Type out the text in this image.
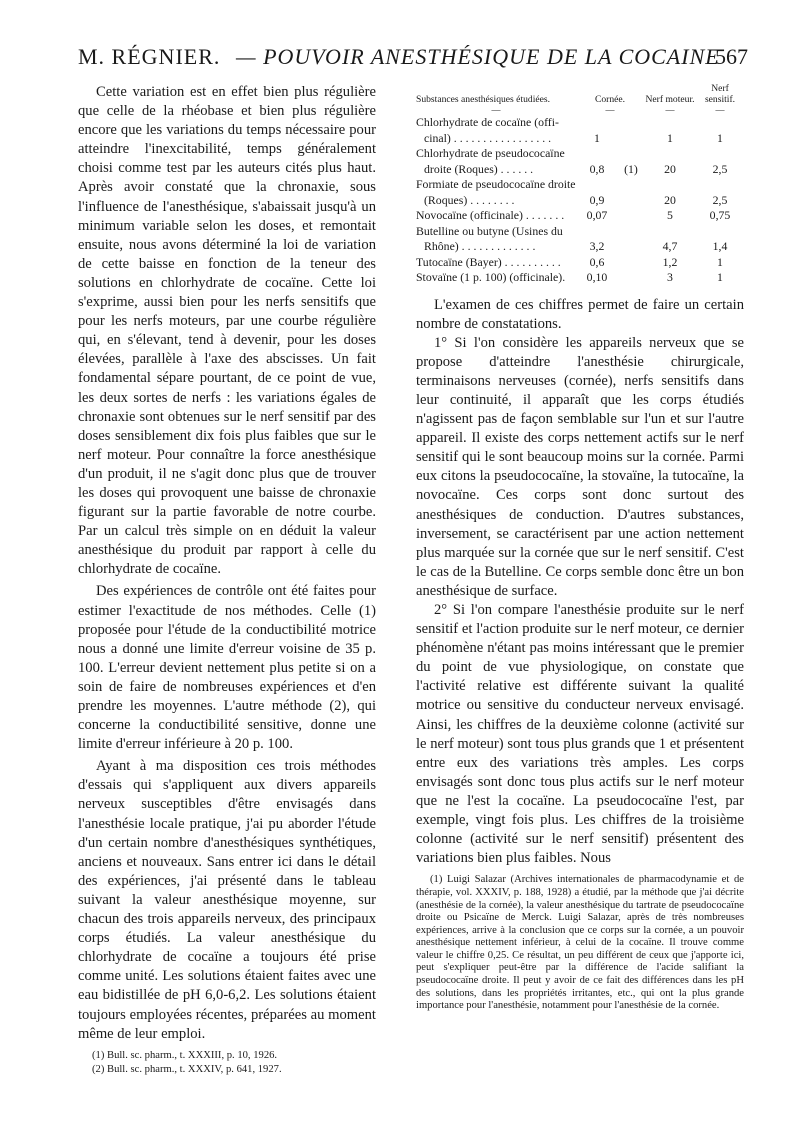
M. RÉGNIER. — POUVOIR ANESTHÉSIQUE DE LA COCAINE
567

Cette variation est en effet bien plus régulière que celle de la rhéobase et bien plus régulière encore que les variations du temps nécessaire pour atteindre l'inexcitabilité, temps généralement choisi comme test par les auteurs cités plus haut. Après avoir constaté que la chronaxie, sous l'influence de l'anesthésique, s'abaissait jusqu'à un minimum variable selon les doses, et remontait ensuite, nous avons déterminé la loi de variation de cette baisse en fonction de la teneur des solutions en chlorhydrate de cocaïne. Cette loi s'exprime, aussi bien pour les nerfs sensitifs que pour les nerfs moteurs, par une courbe régulière qui, en s'élevant, tend à devenir, pour les doses élevées, parallèle à l'axe des abscisses. Un fait fondamental sépare pourtant, de ce point de vue, les deux sortes de nerfs : les variations égales de chronaxie sont obtenues sur le nerf sensitif par des doses sensiblement dix fois plus faibles que sur le nerf moteur. Pour connaître la force anesthésique d'un produit, il ne s'agit donc plus que de trouver les doses qui provoquent une baisse de chronaxie figurant sur la partie favorable de notre courbe. Par un calcul très simple on en déduit la valeur anesthésique du produit par rapport à celle du chlorhydrate de cocaïne.

Des expériences de contrôle ont été faites pour estimer l'exactitude de nos méthodes. Celle (1) proposée pour l'étude de la conductibilité motrice nous a donné une limite d'erreur voisine de 35 p. 100. L'erreur devient nettement plus petite si on a soin de faire de nombreuses expériences et d'en prendre les moyennes. L'autre méthode (2), qui concerne la conductibilité sensitive, donne une limite d'erreur inférieure à 20 p. 100.

Ayant à ma disposition ces trois méthodes d'essais qui s'appliquent aux divers appareils nerveux susceptibles d'être envisagés dans l'anesthésie locale pratique, j'ai pu aborder l'étude d'un certain nombre d'anesthésiques synthétiques, anciens et nouveaux. Sans entrer ici dans le détail des expériences, j'ai présenté dans le tableau suivant la valeur anesthésique moyenne, sur chacun des trois appareils nerveux, des principaux corps étudiés. La valeur anesthésique du chlorhydrate de cocaïne a toujours été prise comme unité. Les solutions étaient faites avec une eau bidistillée de pH 6,0-6,2. Les solutions étaient toujours employées récentes, préparées au moment même de leur emploi.

(1) Bull. sc. pharm., t. XXXIII, p. 10, 1926.

(2) Bull. sc. pharm., t. XXXIV, p. 641, 1927.

Substances anesthésiques étudiées.	Cornée.		Nerf moteur.	Nerf sensitif.
—	—		—	—
Chlorhydrate de cocaïne (officinal) . . . . . . . . . . . . . . . . .	1		1	1
Chlorhydrate de pseudococaïne droite (Roques) . . . . . .	0,8	(1)	20	2,5
Formiate de pseudococaïne droite (Roques) . . . . . . . .	0,9		20	2,5
Novocaïne (officinale) . . . . . . .	0,07		5	0,75
Butelline ou butyne (Usines du Rhône) . . . . . . . . . . . . .	3,2		4,7	1,4
Tutocaïne (Bayer) . . . . . . . . . .	0,6		1,2	1
Stovaïne (1 p. 100) (officinale).	0,10		3	1

L'examen de ces chiffres permet de faire un certain nombre de constatations.

1° Si l'on considère les appareils nerveux que se propose d'atteindre l'anesthésie chirurgicale, terminaisons nerveuses (cornée), nerfs sensitifs dans leur continuité, il apparaît que les corps étudiés n'agissent pas de façon semblable sur l'un et sur l'autre appareil. Il existe des corps nettement actifs sur le nerf sensitif qui le sont beaucoup moins sur la cornée. Parmi eux citons la pseudococaïne, la stovaïne, la tutocaïne, la novocaïne. Ces corps sont donc surtout des anesthésiques de conduction. D'autres substances, inversement, se caractérisent par une action nettement plus marquée sur la cornée que sur le nerf sensitif. C'est le cas de la Butelline. Ce corps semble donc être un bon anesthésique de surface.

2° Si l'on compare l'anesthésie produite sur le nerf sensitif et l'action produite sur le nerf moteur, ce dernier phénomène n'étant pas moins intéressant que le premier du point de vue physiologique, on constate que l'activité relative est différente suivant la qualité motrice ou sensitive du conducteur nerveux envisagé. Ainsi, les chiffres de la deuxième colonne (activité sur le nerf moteur) sont tous plus grands que 1 et présentent entre eux des variations très amples. Les corps envisagés sont donc tous plus actifs sur le nerf moteur que ne l'est la cocaïne. La pseudococaïne l'est, par exemple, vingt fois plus. Les chiffres de la troisième colonne (activité sur le nerf sensitif) présentent des variations bien plus faibles. Nous

(1) Luigi Salazar (Archives internationales de pharmacodynamie et de thérapie, vol. XXXIV, p. 188, 1928) a étudié, par la méthode que j'ai décrite (anesthésie de la cornée), la valeur anesthésique du tartrate de pseudococaïne droite ou Psicaïne de Merck. Luigi Salazar, après de très nombreuses expériences, arrive à la conclusion que ce corps sur la cornée, a un pouvoir anesthésique nettement inférieur, à celui de la cocaïne. Il trouve comme valeur le chiffre 0,25. Ce résultat, un peu différent de ceux que j'apporte ici, peut s'expliquer peut-être par la différence de l'acide salifiant la pseudococaïne droite. Il peut y avoir de ce fait des différences dans les pH des solutions, dans les propriétés irritantes, etc., qui ont la plus grande importance pour l'anesthésie, notamment pour l'anesthésie de la cornée.
